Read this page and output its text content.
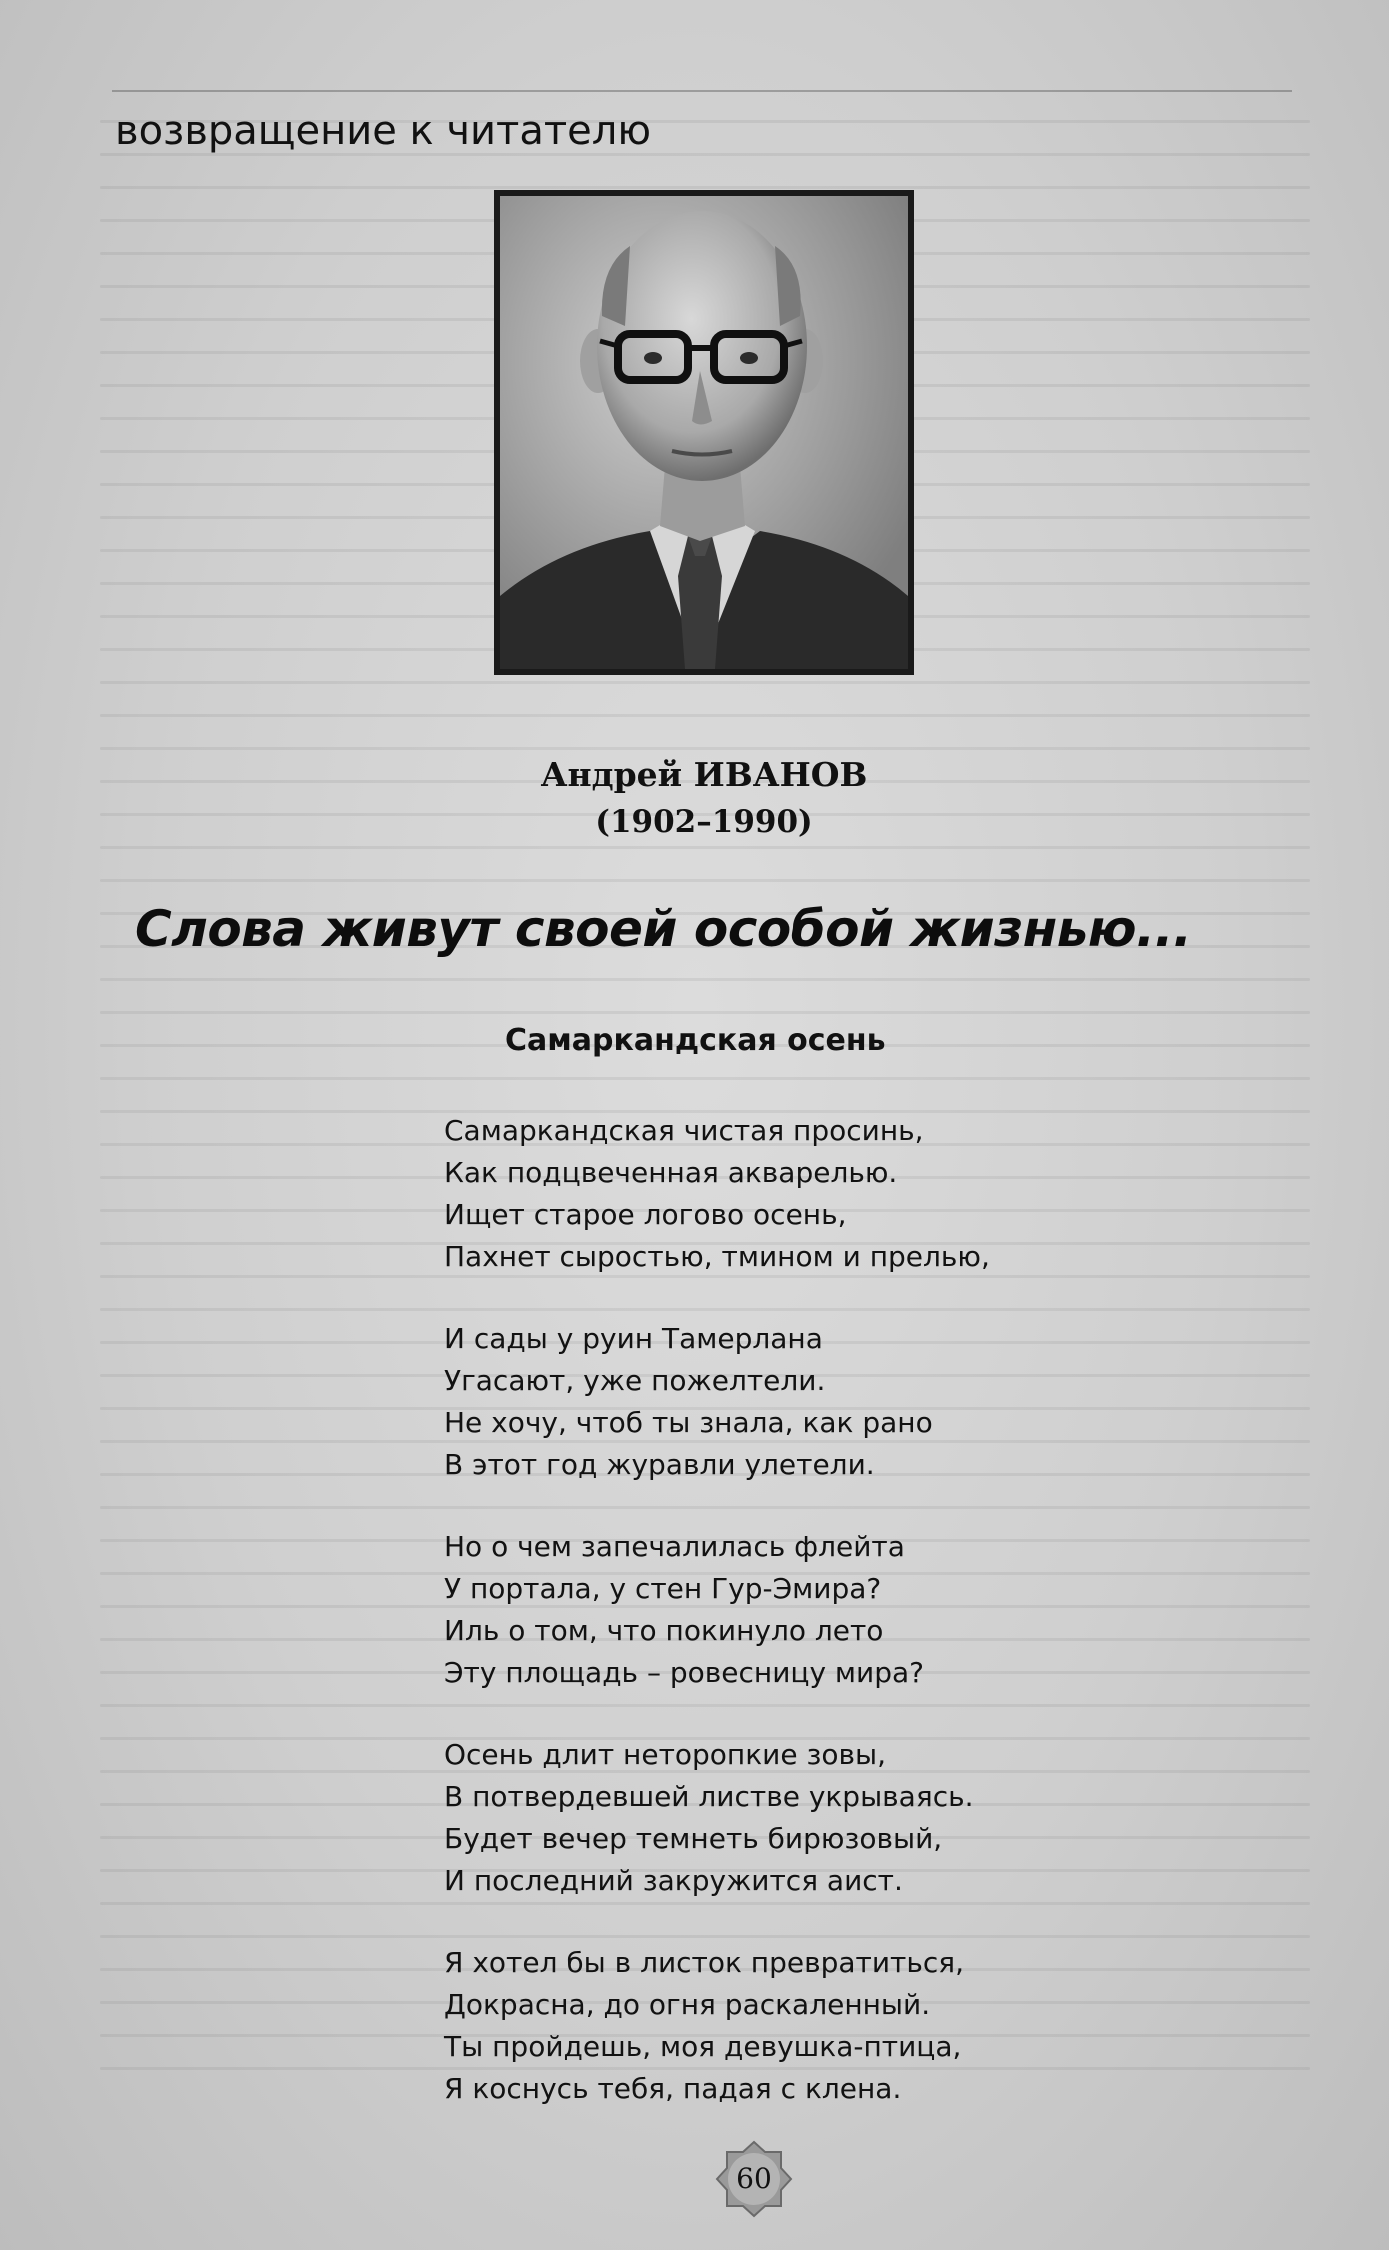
возвращение к читателю
Андрей ИВАНОВ
(1902–1990)
Слова живут своей особой жизнью...
Самаркандская осень
Самаркандская чистая просинь,
Как подцвеченная акварелью.
Ищет старое логово осень,
Пахнет сыростью, тмином и прелью,
И сады у руин Тамерлана
Угасают, уже пожелтели.
Не хочу, чтоб ты знала, как рано
В этот год журавли улетели.
Но о чем запечалилась флейта
У портала, у стен Гур-Эмира?
Иль о том, что покинуло лето
Эту площадь – ровесницу мира?
Осень длит неторопкие зовы,
В потвердевшей листве укрываясь.
Будет вечер темнеть бирюзовый,
И последний закружится аист.
Я хотел бы в листок превратиться,
Докрасна, до огня раскаленный.
Ты пройдешь, моя девушка-птица,
Я коснусь тебя, падая с клена.
60
